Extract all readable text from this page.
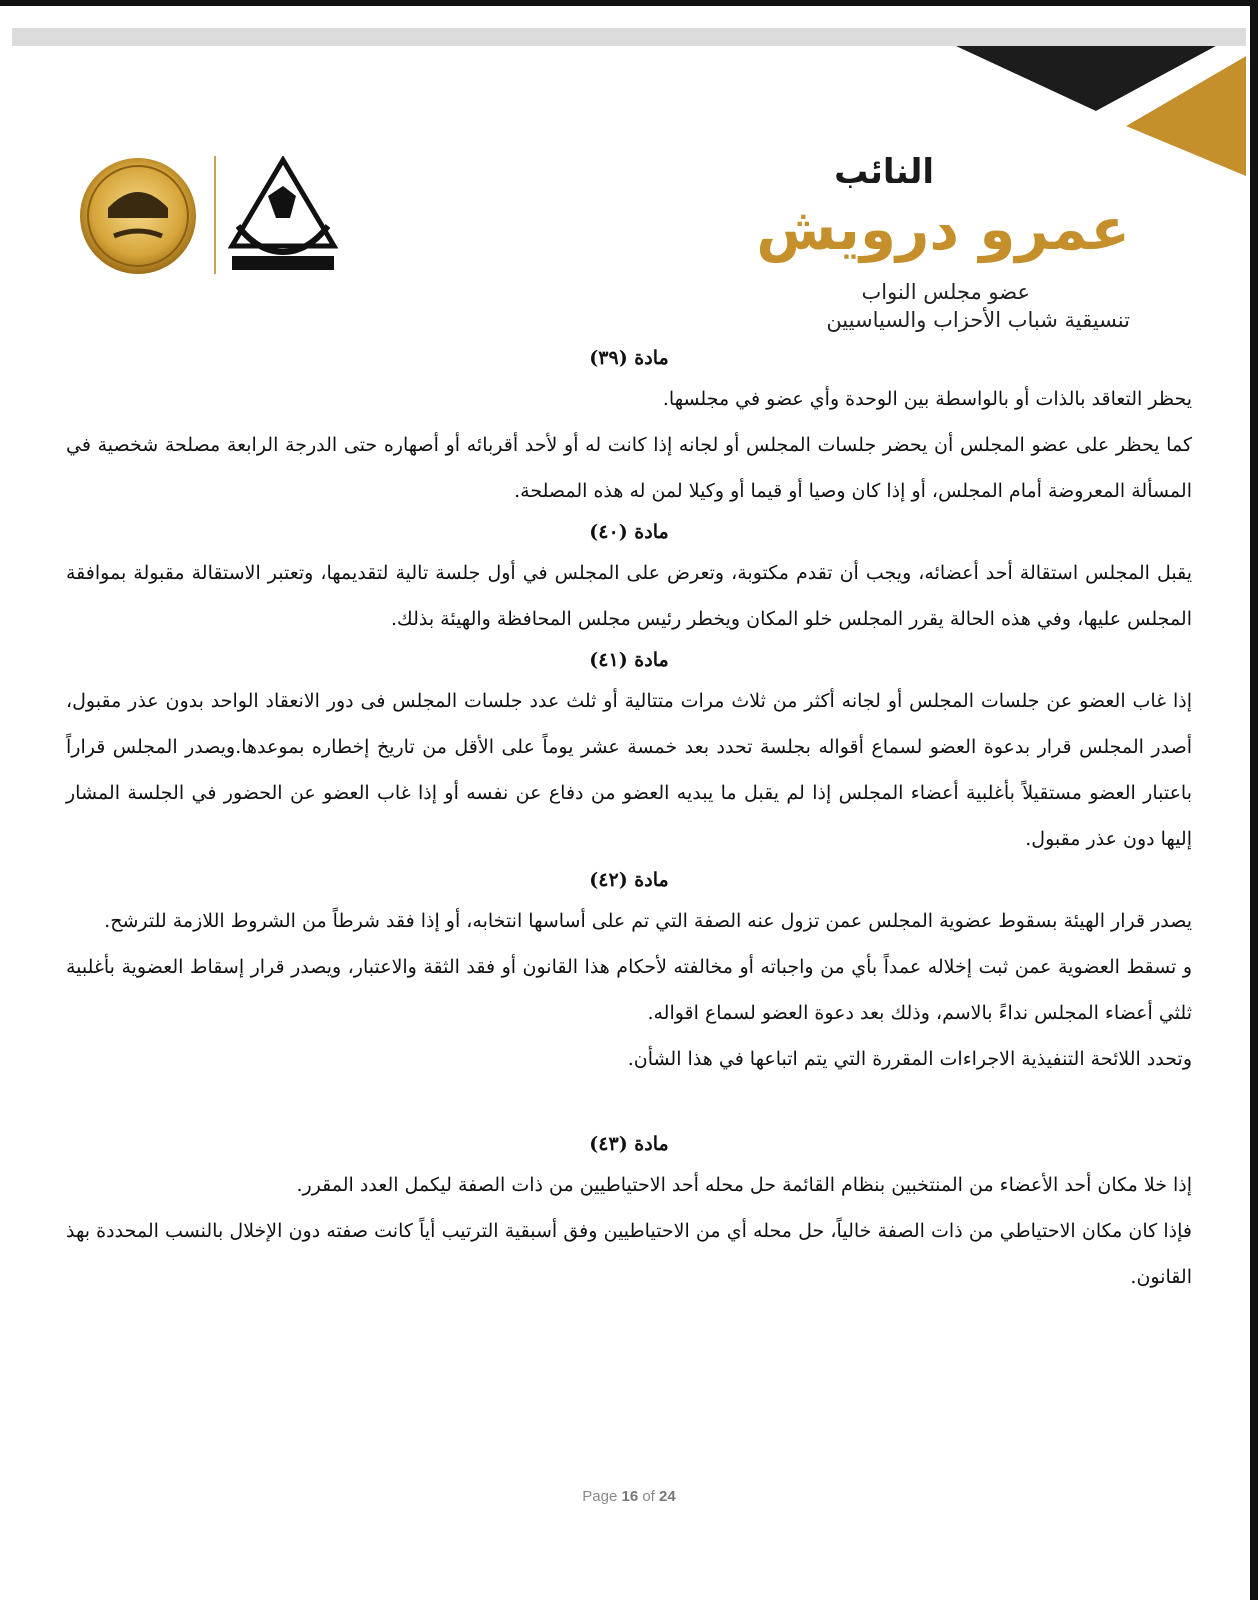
النائب
عمرو درويش
عضو مجلس النواب
تنسيقية شباب الأحزاب والسياسيين
مادة (٣٩)

يحظر التعاقد بالذات أو بالواسطة بين الوحدة وأي عضو في مجلسها.

كما يحظر على عضو المجلس أن يحضر جلسات المجلس أو لجانه إذا كانت له أو لأحد أقربائه أو أصهاره حتى الدرجة الرابعة مصلحة شخصية في المسألة المعروضة أمام المجلس، أو إذا كان وصيا أو قيما أو وكيلا لمن له هذه المصلحة.

مادة (٤٠)

يقبل المجلس استقالة أحد أعضائه، ويجب أن تقدم مكتوبة، وتعرض على المجلس في أول جلسة تالية لتقديمها، وتعتبر الاستقالة مقبولة بموافقة المجلس عليها، وفي هذه الحالة يقرر المجلس خلو المكان ويخطر رئيس مجلس المحافظة والهيئة بذلك.

مادة (٤١)

إذا غاب العضو عن جلسات المجلس أو لجانه أكثر من ثلاث مرات متتالية أو ثلث عدد جلسات المجلس فى دور الانعقاد الواحد بدون عذر مقبول، أصدر المجلس قرار بدعوة العضو لسماع أقواله بجلسة تحدد بعد خمسة عشر يوماً على الأقل من تاريخ إخطاره بموعدها.ويصدر المجلس قراراً باعتبار العضو مستقيلاً بأغلبية أعضاء المجلس إذا لم يقبل ما يبديه العضو من دفاع عن نفسه أو إذا غاب العضو عن الحضور في الجلسة المشار إليها دون عذر مقبول.

مادة (٤٢)

يصدر قرار الهيئة بسقوط عضوية المجلس عمن تزول عنه الصفة التي تم على أساسها انتخابه، أو إذا فقد شرطاً من الشروط اللازمة للترشح.

و تسقط العضوية عمن ثبت إخلاله عمداً بأي من واجباته أو مخالفته لأحكام هذا القانون أو فقد الثقة والاعتبار، ويصدر قرار إسقاط العضوية بأغلبية ثلثي أعضاء المجلس نداءً بالاسم، وذلك بعد دعوة العضو لسماع اقواله.

وتحدد اللائحة التنفيذية الاجراءات المقررة التي يتم اتباعها في هذا الشأن.

مادة (٤٣)

إذا خلا مكان أحد الأعضاء من المنتخبين بنظام القائمة حل محله أحد الاحتياطيين من ذات الصفة ليكمل العدد المقرر.

فإذا كان مكان الاحتياطي من ذات الصفة خالياً، حل محله أي من الاحتياطيين وفق أسبقية الترتيب أياً كانت صفته دون الإخلال بالنسب المحددة بهذ القانون.

Page 16 of 24
